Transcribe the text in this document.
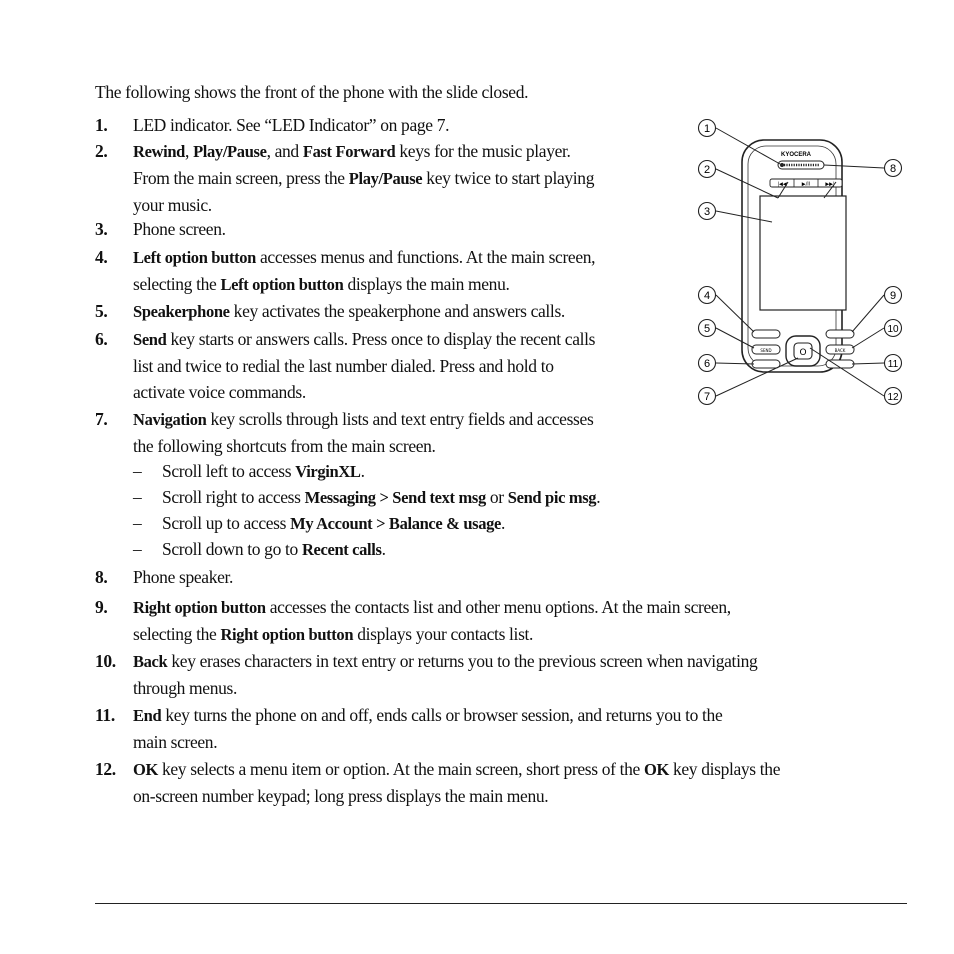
The following shows the front of the phone with the slide closed.
1. LED indicator. See “LED Indicator” on page 7.
2. Rewind, Play/Pause, and Fast Forward keys for the music player.
From the main screen, press the Play/Pause key twice to start playing
your music.
3. Phone screen.
4. Left option button accesses menus and functions. At the main screen,
selecting the Left option button displays the main menu.
5. Speakerphone key activates the speakerphone and answers calls.
6. Send key starts or answers calls. Press once to display the recent calls
list and twice to redial the last number dialed. Press and hold to
activate voice commands.
7. Navigation key scrolls through lists and text entry fields and accesses
the following shortcuts from the main screen.
8. Phone speaker.
9. Right option button accesses the contacts list and other menu options. At the main screen,
selecting the Right option button displays your contacts list.
10. Back key erases characters in text entry or returns you to the previous screen when navigating
through menus.
11. End key turns the phone on and off, ends calls or browser session, and returns you to the
main screen.
12. OK key selects a menu item or option. At the main screen, short press of the OK key displays the
on-screen number keypad; long press displays the main menu.
– Scroll left to access VirginXL.
– Scroll right to access Messaging > Send text msg or Send pic msg.
– Scroll up to access My Account > Balance & usage.
– Scroll down to go to Recent calls.
KYOCERA
|◀◀	▶/II	▶▶|
SEND	BACK
O
1
2
3
4
5
6
7
8
9
10
11
12
